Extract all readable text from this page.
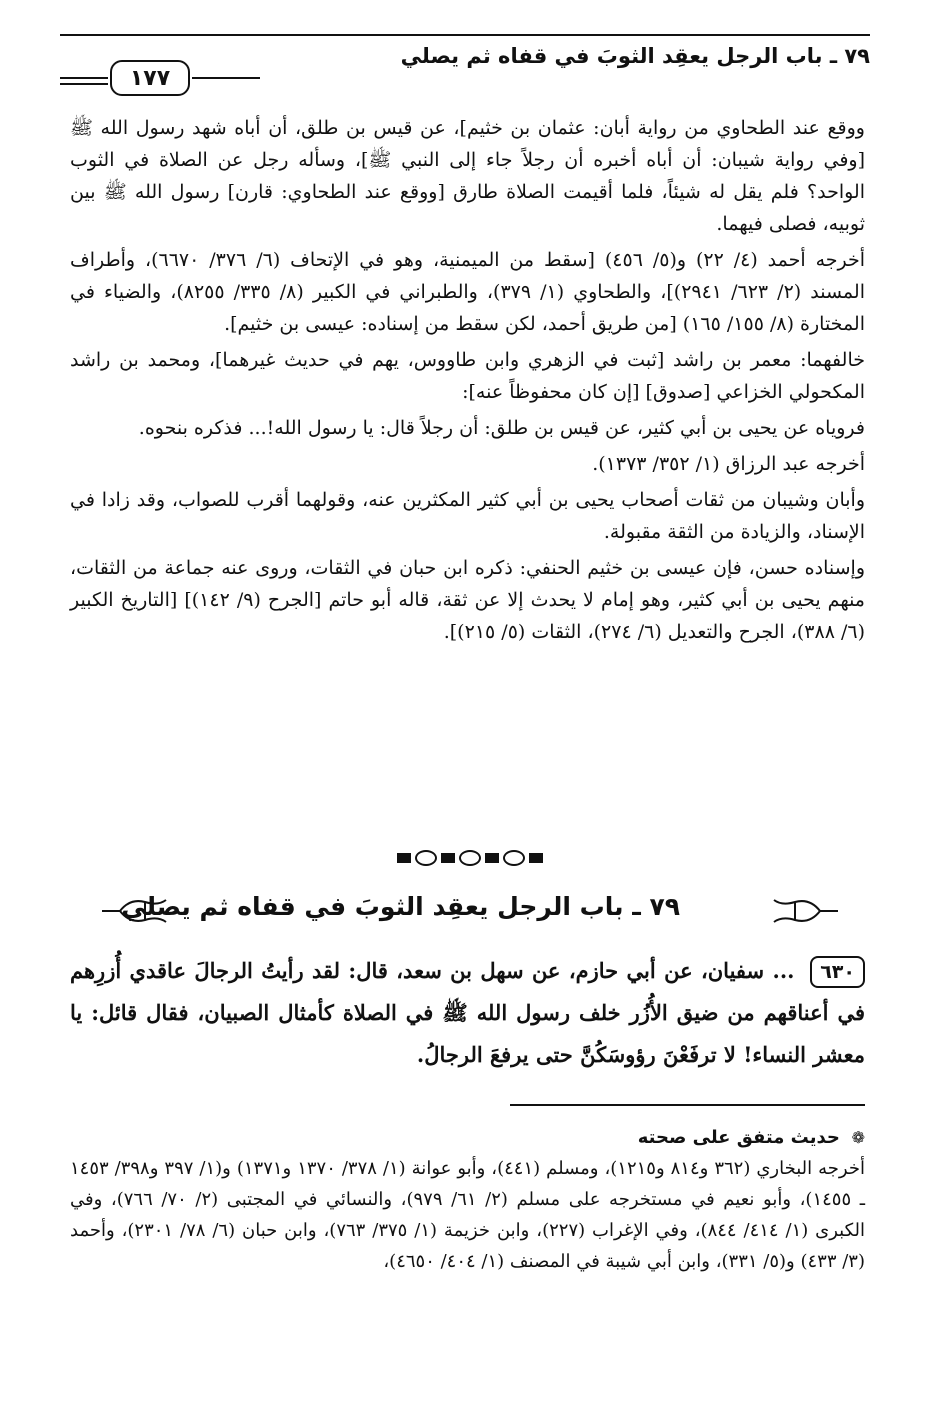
٧٩ ـ باب الرجل يعقِد الثوبَ في قفاه ثم يصلي
١٧٧

ووقع عند الطحاوي من رواية أبان: عثمان بن خثيم]، عن قيس بن طلق، أن أباه شهد رسول الله ﷺ [وفي رواية شيبان: أن أباه أخبره أن رجلاً جاء إلى النبي ﷺ]، وسأله رجل عن الصلاة في الثوب الواحد؟ فلم يقل له شيئاً، فلما أقيمت الصلاة طارق [ووقع عند الطحاوي: قارن] رسول الله ﷺ بين ثوبيه، فصلى فيهما.

أخرجه أحمد (٤/ ٢٢) و(٥/ ٤٥٦) [سقط من الميمنية، وهو في الإتحاف (٦/ ٣٧٦/ ٦٦٧٠)، وأطراف المسند (٢/ ٦٢٣/ ٢٩٤١)]، والطحاوي (١/ ٣٧٩)، والطبراني في الكبير (٨/ ٣٣٥/ ٨٢٥٥)، والضياء في المختارة (٨/ ١٥٥/ ١٦٥) [من طريق أحمد، لكن سقط من إسناده: عيسى بن خثيم].

خالفهما: معمر بن راشد [ثبت في الزهري وابن طاووس، يهم في حديث غيرهما]، ومحمد بن راشد المكحولي الخزاعي [صدوق] [إن كان محفوظاً عنه]:

فروياه عن يحيى بن أبي كثير، عن قيس بن طلق: أن رجلاً قال: يا رسول الله!... فذكره بنحوه.

أخرجه عبد الرزاق (١/ ٣٥٢/ ١٣٧٣).

وأبان وشيبان من ثقات أصحاب يحيى بن أبي كثير المكثرين عنه، وقولهما أقرب للصواب، وقد زادا في الإسناد، والزيادة من الثقة مقبولة.

وإسناده حسن، فإن عيسى بن خثيم الحنفي: ذكره ابن حبان في الثقات، وروى عنه جماعة من الثقات، منهم يحيى بن أبي كثير، وهو إمام لا يحدث إلا عن ثقة، قاله أبو حاتم [الجرح (٩/ ١٤٢)] [التاريخ الكبير (٦/ ٣٨٨)، الجرح والتعديل (٦/ ٢٧٤)، الثقات (٥/ ٢١٥)].

٧٩ ـ باب الرجل يعقِد الثوبَ في قفاه ثم يصلي
٦٣٠ ... سفيان، عن أبي حازم، عن سهل بن سعد، قال: لقد رأيتُ الرجالَ عاقدي أُزرِهم في أعناقهم من ضيق الأُزُر خلف رسول الله ﷺ في الصلاة كأمثال الصبيان، فقال قائل: يا معشر النساء! لا ترفَعْنَ رؤوسَكُنَّ حتى يرفعَ الرجالُ.

❁ حديث متفق على صحته

أخرجه البخاري (٣٦٢ و٨١٤ و١٢١٥)، ومسلم (٤٤١)، وأبو عوانة (١/ ٣٧٨/ ١٣٧٠ و١٣٧١) و(١/ ٣٩٧ و٣٩٨/ ١٤٥٣ ـ ١٤٥٥)، وأبو نعيم في مستخرجه على مسلم (٢/ ٦١/ ٩٧٩)، والنسائي في المجتبى (٢/ ٧٠/ ٧٦٦)، وفي الكبرى (١/ ٤١٤/ ٨٤٤)، وفي الإغراب (٢٢٧)، وابن خزيمة (١/ ٣٧٥/ ٧٦٣)، وابن حبان (٦/ ٧٨/ ٢٣٠١)، وأحمد (٣/ ٤٣٣) و(٥/ ٣٣١)، وابن أبي شيبة في المصنف (١/ ٤٠٤/ ٤٦٥٠)،
